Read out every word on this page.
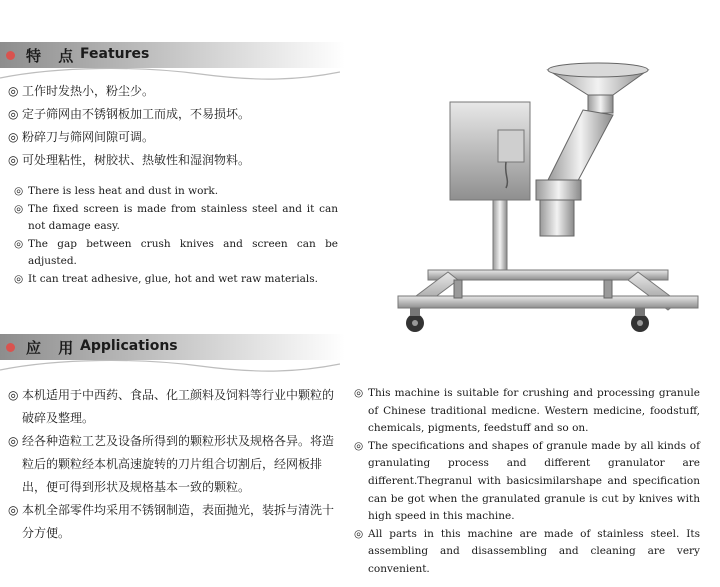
特 点 Features
◎ 工作时发热小，粉尘少。
◎ 定子筛网由不锈钢板加工而成，不易损坏。
◎ 粉碎刀与筛网间隙可调。
◎ 可处理粘性，树胶状、热敏性和湿润物料。
◎ There is less heat and dust in work.
◎ The fixed screen is made from stainless steel and it can not damage easy.
◎ The gap between crush knives and screen can be adjusted.
◎ It can treat adhesive, glue, hot and wet raw materials.
应 用 Applications
◎ 本机适用于中西药、食品、化工颜料及饲料等行业中颗粒的破碎及整理。
◎ 经各种造粒工艺及设备所得到的颗粒形状及规格各异。将造粒后的颗粒经本机高速旋转的刀片组合切割后，经网板排出，便可得到形状及规格基本一致的颗粒。
◎ 本机全部零件均采用不锈钢制造，表面抛光，装拆与清洗十分方便。
◎ This machine is suitable for crushing and processing granule of Chinese traditional medicne. Western medicine, foodstuff, chemicals, pigments, feedstuff and so on.
◎ The specifications and shapes of granule made by all kinds of granulating process and different granulator are different.Thegranul with basicsimilarshape and specification can be got when the granulated granule is cut by knives with high speed in this machine.
◎ All parts in this machine are made of stainless steel. Its assembling and disassembling and cleaning are very convenient.
